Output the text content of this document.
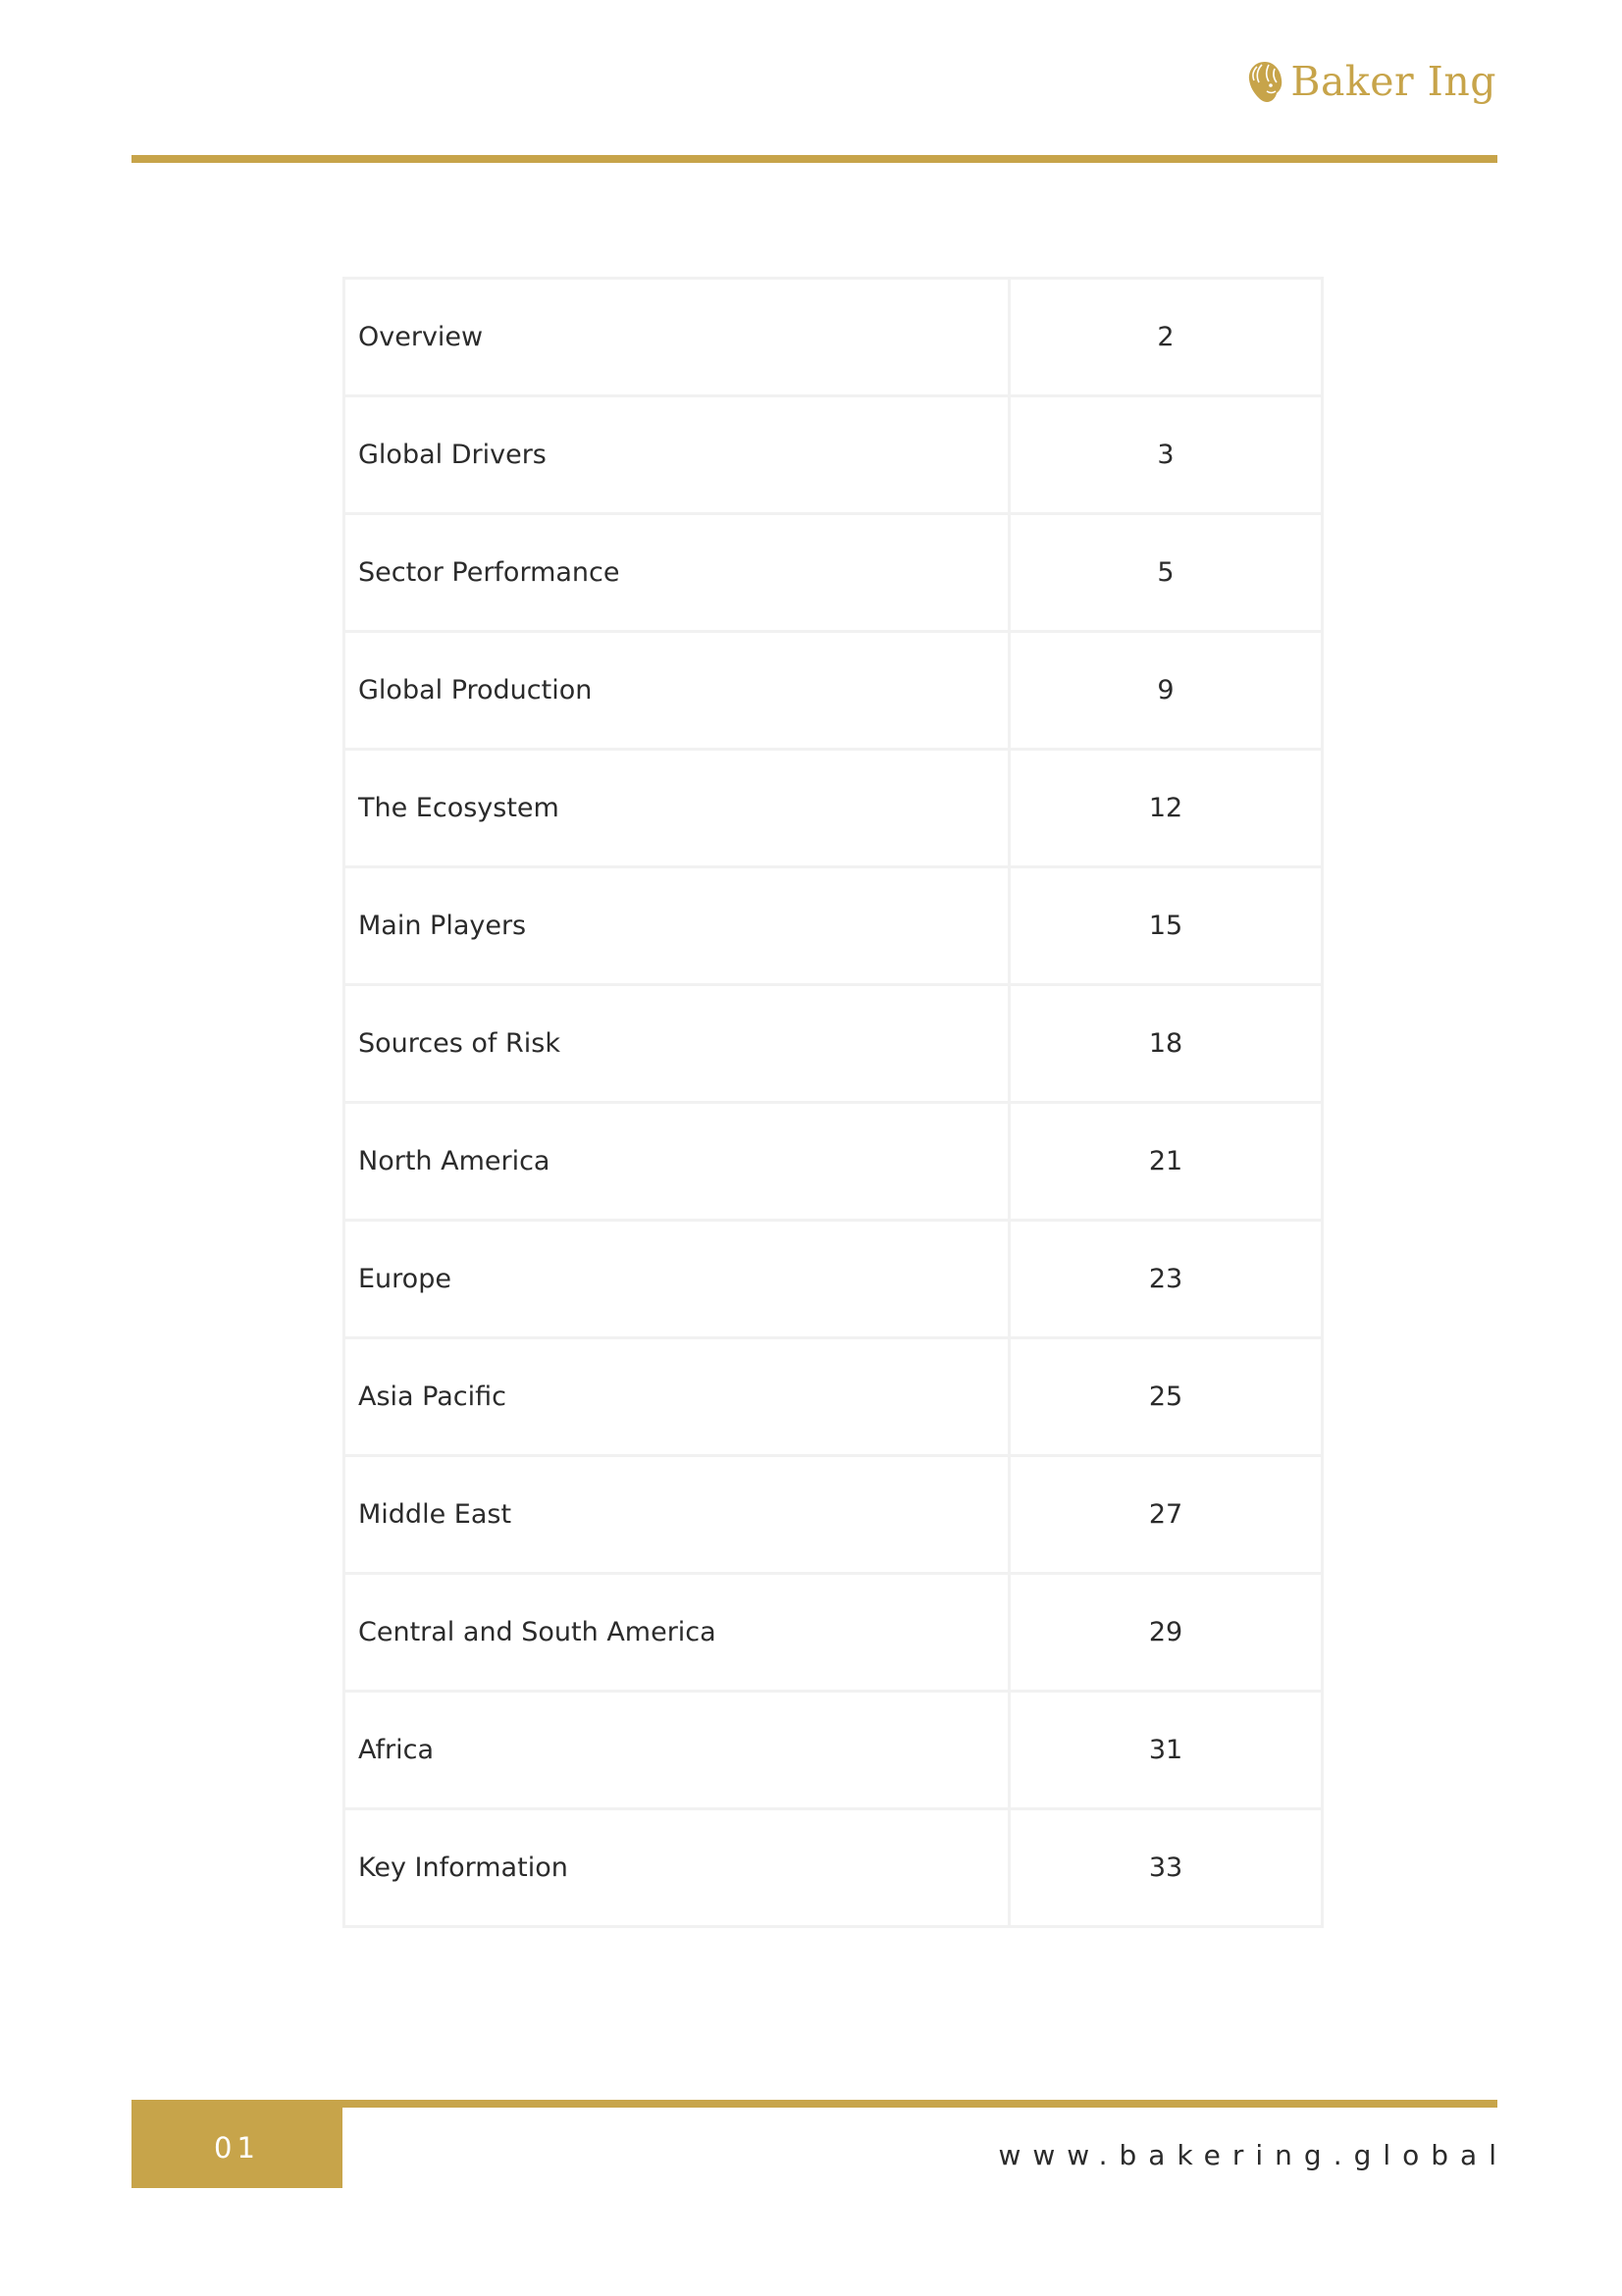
Baker Ing
Overview	2
Global Drivers	3
Sector Performance	5
Global Production	9
The Ecosystem	12
Main Players	15
Sources of Risk	18
North America	21
Europe	23
Asia Pacific	25
Middle East	27
Central and South America	29
Africa	31
Key Information	33
01	www.bakering.global
